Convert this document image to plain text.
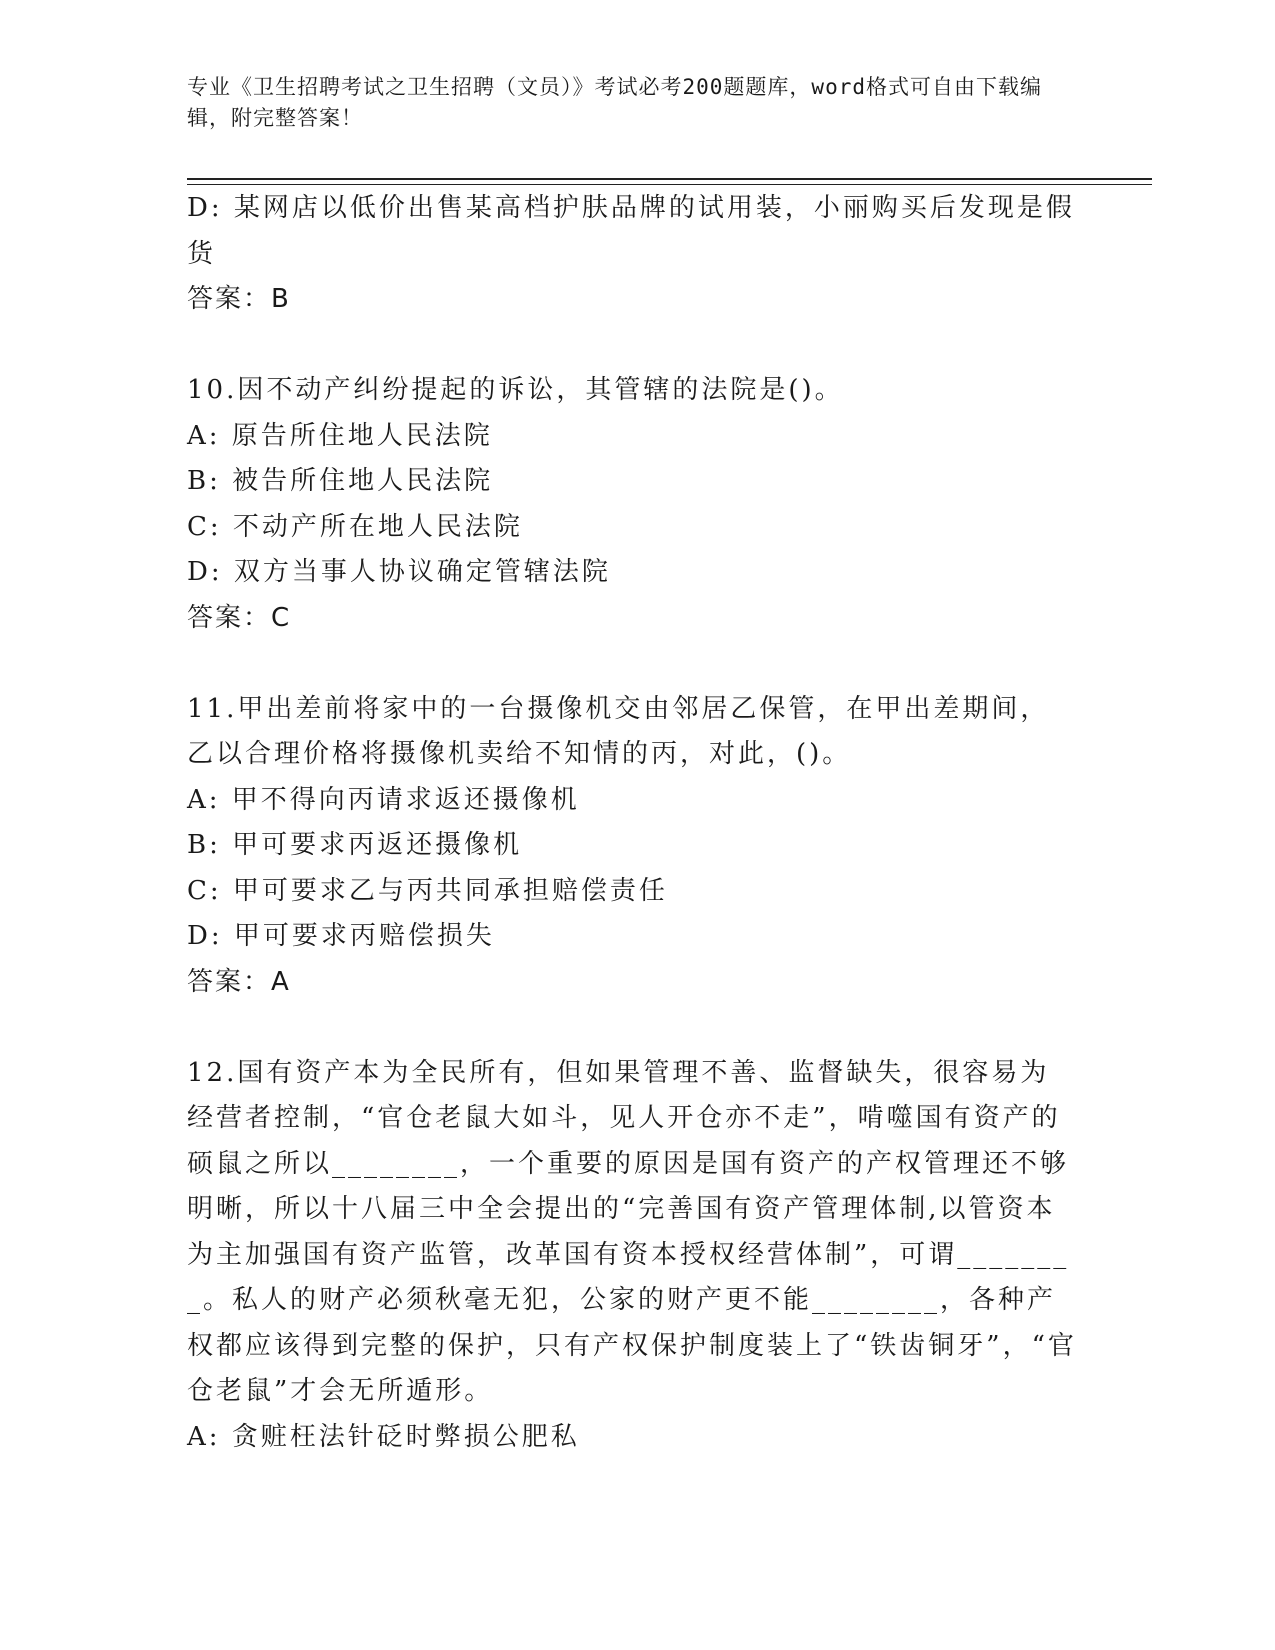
专业《卫生招聘考试之卫生招聘（文员）》考试必考200题题库，word格式可自由下载编辑，附完整答案！
D: 某网店以低价出售某高档护肤品牌的试用装，小丽购买后发现是假货
答案：B
10.因不动产纠纷提起的诉讼，其管辖的法院是()。
A: 原告所住地人民法院
B: 被告所住地人民法院
C: 不动产所在地人民法院
D: 双方当事人协议确定管辖法院
答案：C
11.甲出差前将家中的一台摄像机交由邻居乙保管，在甲出差期间，乙以合理价格将摄像机卖给不知情的丙，对此，()。
A: 甲不得向丙请求返还摄像机
B: 甲可要求丙返还摄像机
C: 甲可要求乙与丙共同承担赔偿责任
D: 甲可要求丙赔偿损失
答案：A
12.国有资产本为全民所有，但如果管理不善、监督缺失，很容易为经营者控制，“官仓老鼠大如斗，见人开仓亦不走”，啃噬国有资产的硕鼠之所以________，一个重要的原因是国有资产的产权管理还不够明晰，所以十八届三中全会提出的“完善国有资产管理体制,以管资本为主加强国有资产监管，改革国有资本授权经营体制”，可谓________。私人的财产必须秋毫无犯，公家的财产更不能________，各种产权都应该得到完整的保护，只有产权保护制度装上了“铁齿铜牙”，“官仓老鼠”才会无所遁形。
A: 贪赃枉法针砭时弊损公肥私
